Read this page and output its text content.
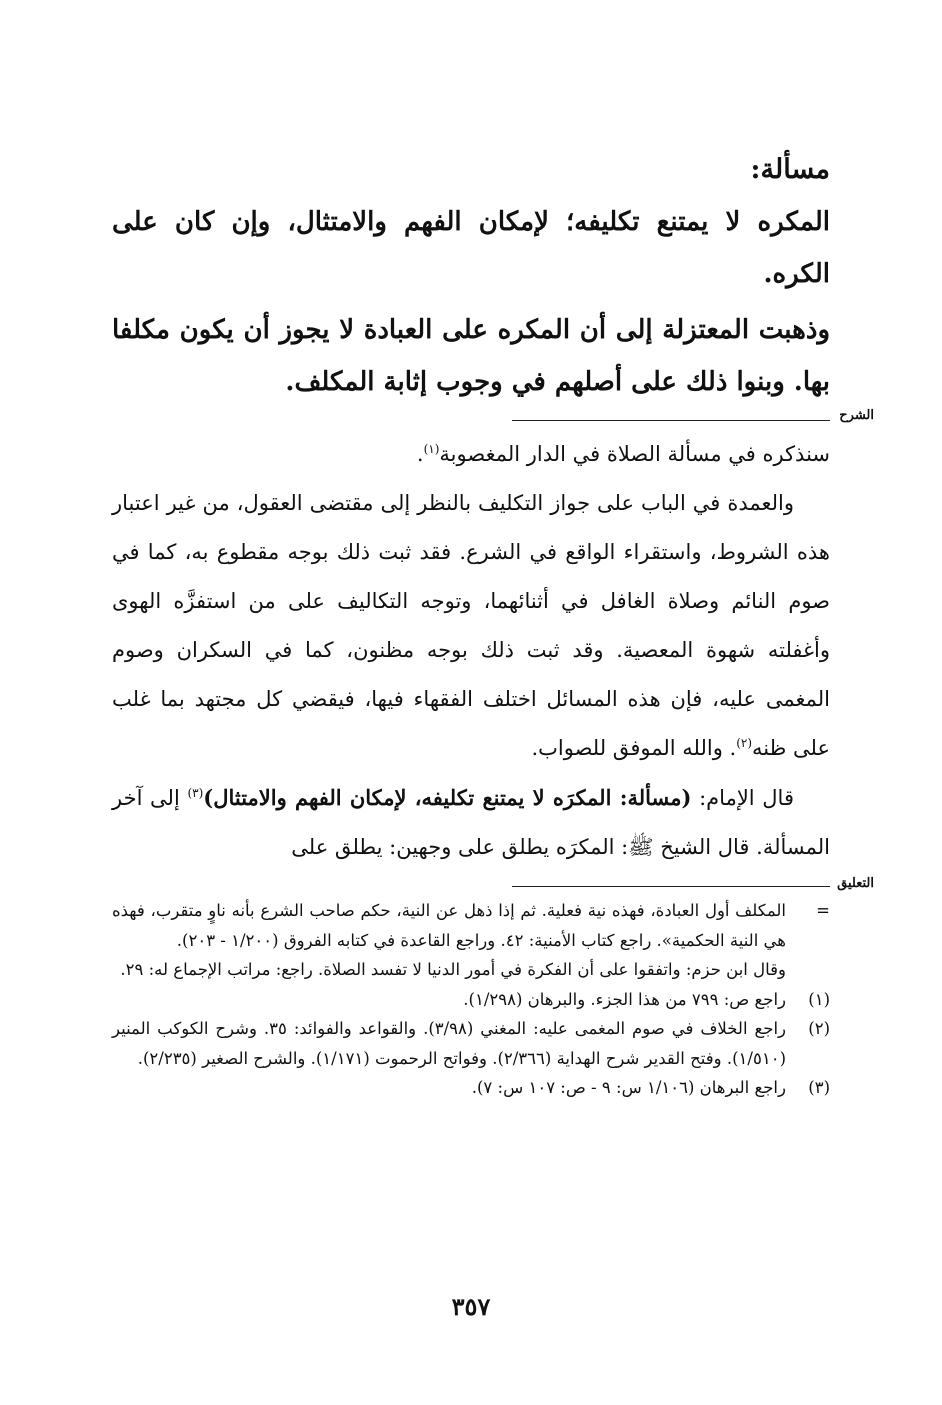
مسألة:

المكره لا يمتنع تكليفه؛ لإمكان الفهم والامتثال، وإن كان على الكره.

وذهبت المعتزلة إلى أن المكره على العبادة لا يجوز أن يكون مكلفا بها. وبنوا ذلك على أصلهم في وجوب إثابة المكلف.

الشرح

سنذكره في مسألة الصلاة في الدار المغصوبة$^{(١)}$.

والعمدة في الباب على جواز التكليف بالنظر إلى مقتضى العقول، من غير اعتبار هذه الشروط، واستقراء الواقع في الشرع. فقد ثبت ذلك بوجه مقطوع به، كما في صوم النائم وصلاة الغافل في أثنائهما، وتوجه التكاليف على من استفزَّه الهوى وأغفلته شهوة المعصية. وقد ثبت ذلك بوجه مظنون، كما في السكران وصوم المغمى عليه، فإن هذه المسائل اختلف الفقهاء فيها، فيقضي كل مجتهد بما غلب على ظنه$^{(٢)}$. والله الموفق للصواب.

قال الإمام: (مسألة: المكرَه لا يمتنع تكليفه، لإمكان الفهم والامتثال)$^{(٣)}$ إلى آخر المسألة. قال الشيخ ﷺ: المكرَه يطلق على وجهين: يطلق على

التعليق
=

المكلف أول العبادة، فهذه نية فعلية. ثم إذا ذهل عن النية، حكم صاحب الشرع بأنه ناوٍ متقرب، فهذه هي النية الحكمية». راجع كتاب الأمنية: ٤٢. وراجع القاعدة في كتابه الفروق (١/٢٠٠ - ٢٠٣).

وقال ابن حزم: واتفقوا على أن الفكرة في أمور الدنيا لا تفسد الصلاة. راجع: مراتب الإجماع له: ٢٩.

(١)
راجع ص: ٧٩٩ من هذا الجزء. والبرهان (١/٢٩٨).
(٢)
راجع الخلاف في صوم المغمى عليه: المغني (٣/٩٨). والقواعد والفوائد: ٣٥. وشرح الكوكب المنير (١/٥١٠). وفتح القدير شرح الهداية (٢/٣٦٦). وفواتح الرحموت (١/١٧١). والشرح الصغير (٢/٢٣٥).
(٣)
راجع البرهان (١/١٠٦ س: ٩ - ص: ١٠٧ س: ٧).
٣٥٧
